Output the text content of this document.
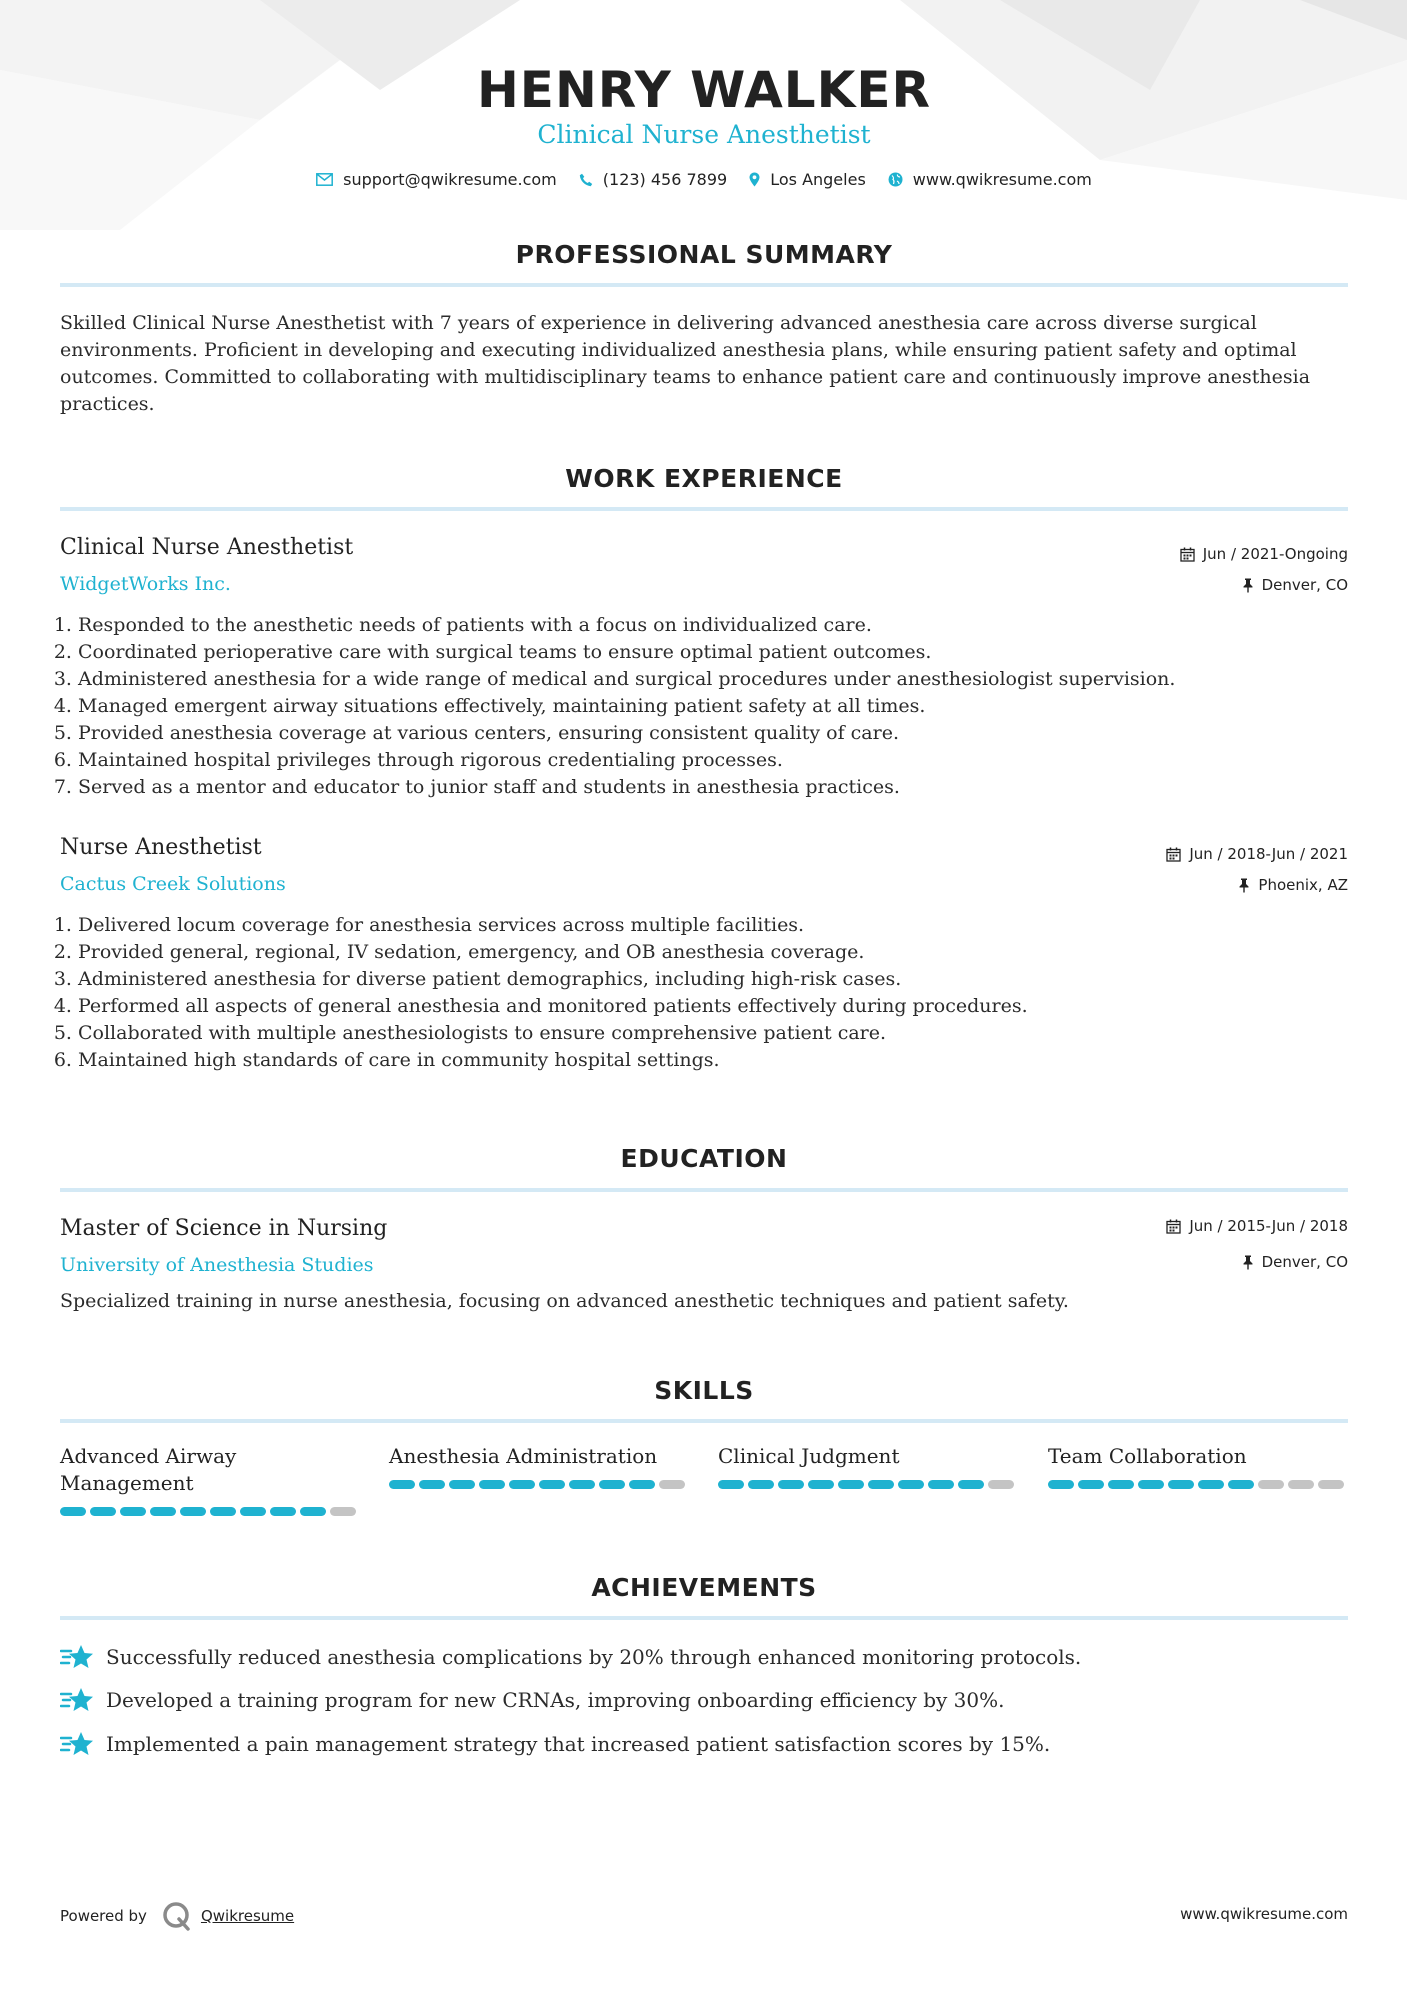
HENRY WALKER
Clinical Nurse Anesthetist
support@qwikresume.com	(123) 456 7899	Los Angeles	www.qwikresume.com
PROFESSIONAL SUMMARY
Skilled Clinical Nurse Anesthetist with 7 years of experience in delivering advanced anesthesia care across diverse surgical environments. Proficient in developing and executing individualized anesthesia plans, while ensuring patient safety and optimal outcomes. Committed to collaborating with multidisciplinary teams to enhance patient care and continuously improve anesthesia practices.
WORK EXPERIENCE
Clinical Nurse Anesthetist
WidgetWorks Inc.
Jun / 2021-Ongoing
Denver, CO
1. Responded to the anesthetic needs of patients with a focus on individualized care.
2. Coordinated perioperative care with surgical teams to ensure optimal patient outcomes.
3. Administered anesthesia for a wide range of medical and surgical procedures under anesthesiologist supervision.
4. Managed emergent airway situations effectively, maintaining patient safety at all times.
5. Provided anesthesia coverage at various centers, ensuring consistent quality of care.
6. Maintained hospital privileges through rigorous credentialing processes.
7. Served as a mentor and educator to junior staff and students in anesthesia practices.
Nurse Anesthetist
Cactus Creek Solutions
Jun / 2018-Jun / 2021
Phoenix, AZ
1. Delivered locum coverage for anesthesia services across multiple facilities.
2. Provided general, regional, IV sedation, emergency, and OB anesthesia coverage.
3. Administered anesthesia for diverse patient demographics, including high-risk cases.
4. Performed all aspects of general anesthesia and monitored patients effectively during procedures.
5. Collaborated with multiple anesthesiologists to ensure comprehensive patient care.
6. Maintained high standards of care in community hospital settings.
EDUCATION
Master of Science in Nursing
University of Anesthesia Studies
Jun / 2015-Jun / 2018
Denver, CO
Specialized training in nurse anesthesia, focusing on advanced anesthetic techniques and patient safety.
SKILLS
Advanced Airway Management
Anesthesia Administration	Clinical Judgment	Team Collaboration
ACHIEVEMENTS
Successfully reduced anesthesia complications by 20% through enhanced monitoring protocols.
Developed a training program for new CRNAs, improving onboarding efficiency by 30%.
Implemented a pain management strategy that increased patient satisfaction scores by 15%.
Powered by	Qwikresume	www.qwikresume.com
